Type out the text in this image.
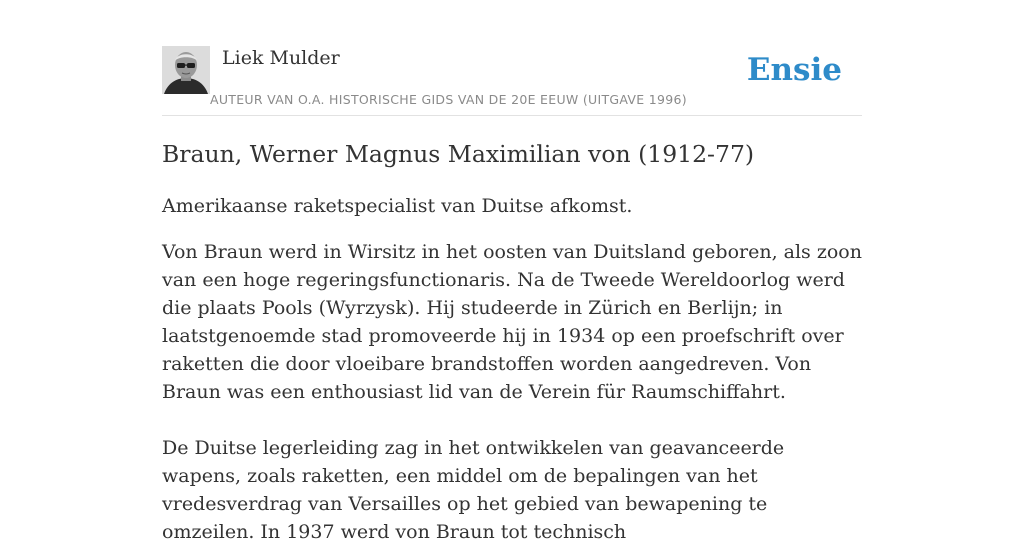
Liek Mulder
AUTEUR VAN O.A. HISTORISCHE GIDS VAN DE 20E EEUW (UITGAVE 1996)
Ensie
Braun, Werner Magnus Maximilian von (1912-77)

Amerikaanse raketspecialist van Duitse afkomst.

Von Braun werd in Wirsitz in het oosten van Duitsland geboren, als zoon van een hoge regeringsfunctionaris. Na de Tweede Wereldoorlog werd die plaats Pools (Wyrzysk). Hij studeerde in Zürich en Berlijn; in laatstgenoemde stad promoveerde hij in 1934 op een proefschrift over raketten die door vloeibare brandstoffen worden aangedreven. Von Braun was een enthousiast lid van de Verein für Raumschiffahrt.

De Duitse legerleiding zag in het ontwikkelen van geavanceerde wapens, zoals raketten, een middel om de bepalingen van het vredesverdrag van Versailles op het gebied van bewapening te omzeilen. In 1937 werd von Braun tot technisch
